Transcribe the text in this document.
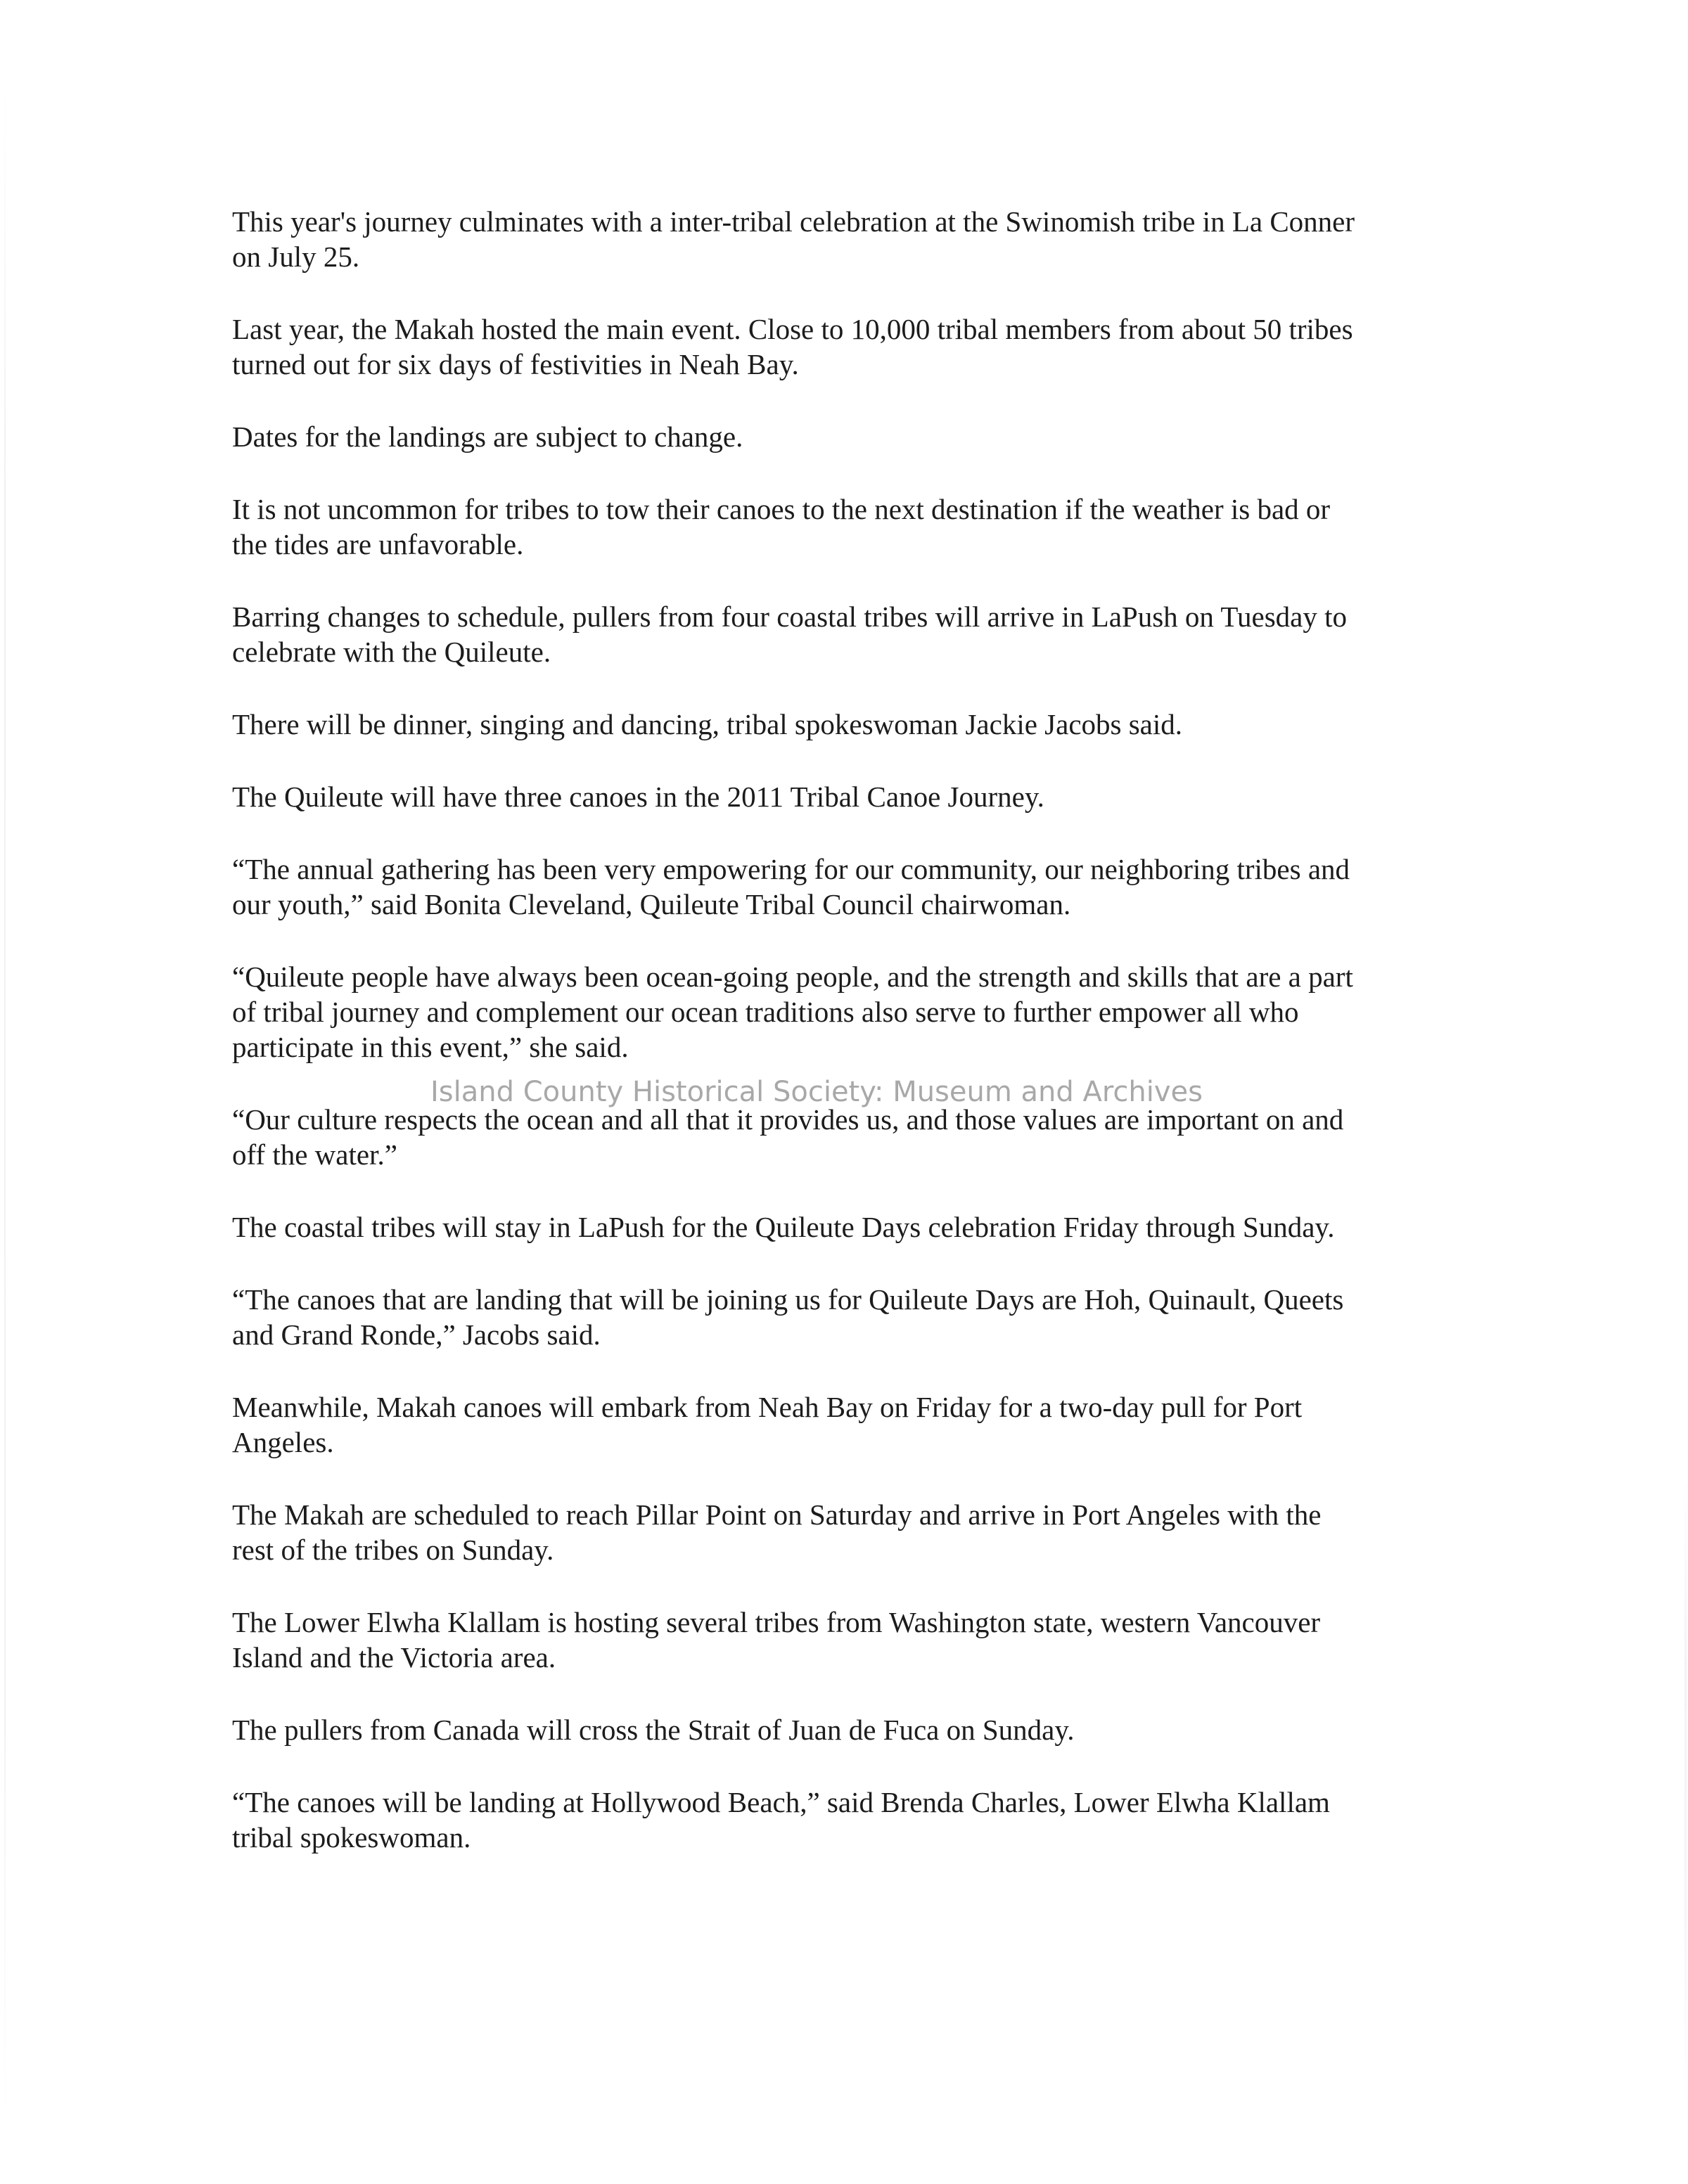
This year's journey culminates with a inter-tribal celebration at the Swinomish tribe in La Conner
on July 25.

Last year, the Makah hosted the main event. Close to 10,000 tribal members from about 50 tribes
turned out for six days of festivities in Neah Bay.

Dates for the landings are subject to change.

It is not uncommon for tribes to tow their canoes to the next destination if the weather is bad or
the tides are unfavorable.

Barring changes to schedule, pullers from four coastal tribes will arrive in LaPush on Tuesday to
celebrate with the Quileute.

There will be dinner, singing and dancing, tribal spokeswoman Jackie Jacobs said.

The Quileute will have three canoes in the 2011 Tribal Canoe Journey.

“The annual gathering has been very empowering for our community, our neighboring tribes and
our youth,” said Bonita Cleveland, Quileute Tribal Council chairwoman.

“Quileute people have always been ocean-going people, and the strength and skills that are a part
of tribal journey and complement our ocean traditions also serve to further empower all who
participate in this event,” she said.

“Our culture respects the ocean and all that it provides us, and those values are important on and
off the water.”

The coastal tribes will stay in LaPush for the Quileute Days celebration Friday through Sunday.

“The canoes that are landing that will be joining us for Quileute Days are Hoh, Quinault, Queets
and Grand Ronde,” Jacobs said.

Meanwhile, Makah canoes will embark from Neah Bay on Friday for a two-day pull for Port
Angeles.

The Makah are scheduled to reach Pillar Point on Saturday and arrive in Port Angeles with the
rest of the tribes on Sunday.

The Lower Elwha Klallam is hosting several tribes from Washington state, western Vancouver
Island and the Victoria area.

The pullers from Canada will cross the Strait of Juan de Fuca on Sunday.

“The canoes will be landing at Hollywood Beach,” said Brenda Charles, Lower Elwha Klallam
tribal spokeswoman.

Island County Historical Society: Museum and Archives
